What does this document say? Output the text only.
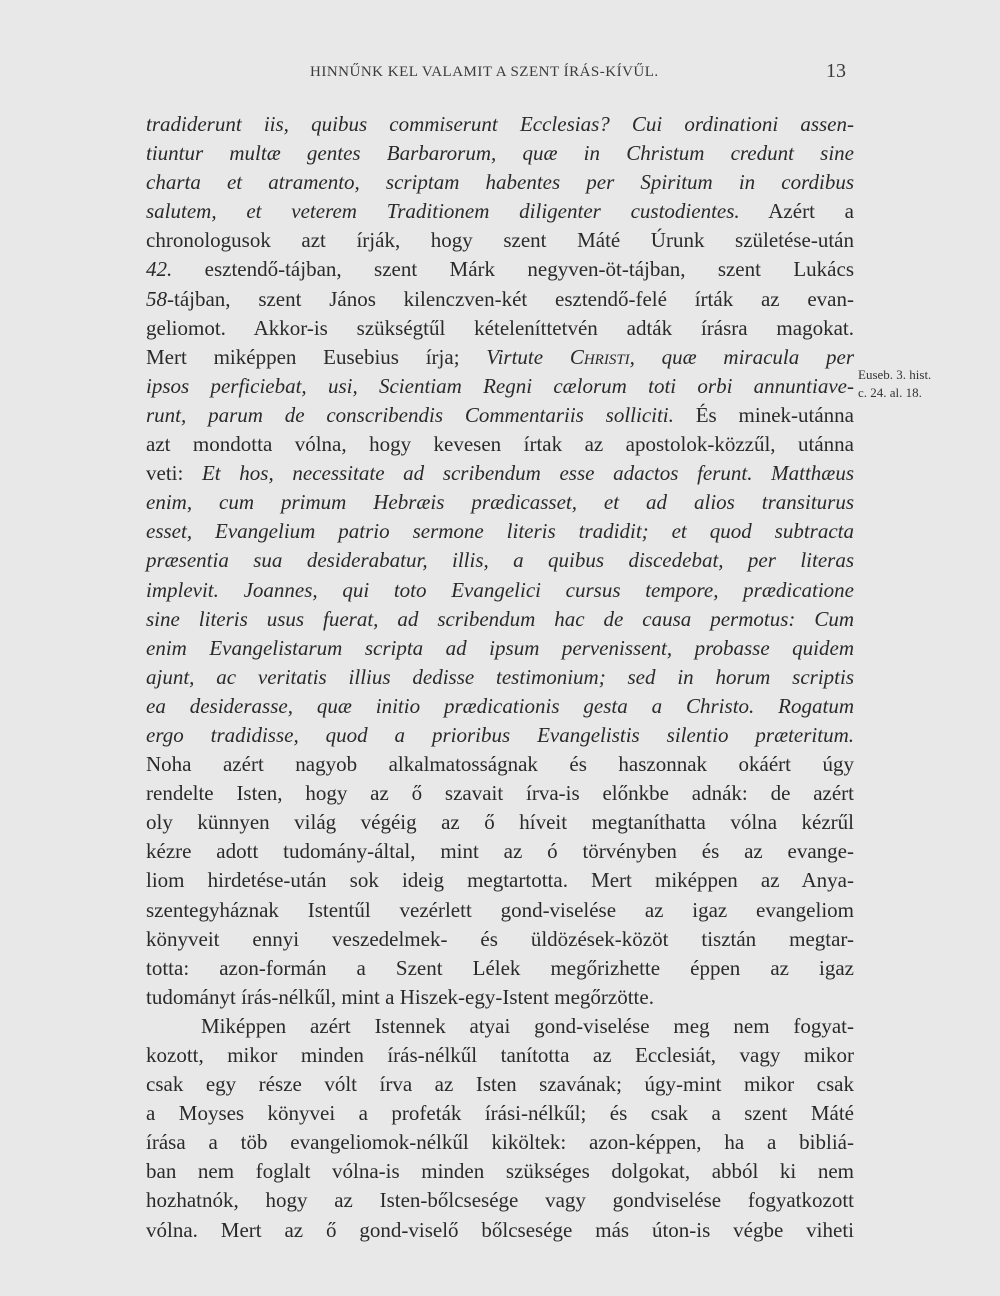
HINNŰNK KEL VALAMIT A SZENT ÍRÁS-KÍVŰL.	13
Euseb. 3. hist.
c. 24. al. 18.
tradiderunt iis, quibus commiserunt Ecclesias? Cui ordinationi assen-
tiuntur multæ gentes Barbarorum, quæ in Christum credunt sine
charta et atramento, scriptam habentes per Spiritum in cordibus
salutem, et veterem Traditionem diligenter custodientes. Azért a
chronologusok azt írják, hogy szent Máté Úrunk születése-után
42. esztendő-tájban, szent Márk negyven-öt-tájban, szent Lukács
58-tájban, szent János kilenczven-két esztendő-felé írták az evan-
geliomot. Akkor-is szükségtűl kételeníttetvén adták írásra magokat.
Mert miképpen Eusebius írja; Virtute Christi, quæ miracula per
ipsos perficiebat, usi, Scientiam Regni cælorum toti orbi annuntiave-
runt, parum de conscribendis Commentariis solliciti. És minek-utánna
azt mondotta vólna, hogy kevesen írtak az apostolok-közzűl, utánna
veti: Et hos, necessitate ad scribendum esse adactos ferunt. Matthæus
enim, cum primum Hebræis prædicasset, et ad alios transiturus
esset, Evangelium patrio sermone literis tradidit; et quod subtracta
præsentia sua desiderabatur, illis, a quibus discedebat, per literas
implevit. Joannes, qui toto Evangelici cursus tempore, prædicatione
sine literis usus fuerat, ad scribendum hac de causa permotus: Cum
enim Evangelistarum scripta ad ipsum pervenissent, probasse quidem
ajunt, ac veritatis illius dedisse testimonium; sed in horum scriptis
ea desiderasse, quæ initio prædicationis gesta a Christo. Rogatum
ergo tradidisse, quod a prioribus Evangelistis silentio præteritum.
Noha azért nagyob alkalmatosságnak és haszonnak okáért úgy
rendelte Isten, hogy az ő szavait írva-is előnkbe adnák: de azért
oly künnyen világ végéig az ő híveit megtaníthatta vólna kézrűl
kézre adott tudomány-által, mint az ó törvényben és az evange-
liom hirdetése-után sok ideig megtartotta. Mert miképpen az Anya-
szentegyháznak Istentűl vezérlett gond-viselése az igaz evangeliom
könyveit ennyi veszedelmek- és üldözések-közöt tisztán megtar-
totta: azon-formán a Szent Lélek megőrizhette éppen az igaz
tudományt írás-nélkűl, mint a Hiszek-egy-Istent megőrzötte.
Miképpen azért Istennek atyai gond-viselése meg nem fogyat-
kozott, mikor minden írás-nélkűl tanította az Ecclesiát, vagy mikor
csak egy része vólt írva az Isten szavának; úgy-mint mikor csak
a Moyses könyvei a profeták írási-nélkűl; és csak a szent Máté
írása a töb evangeliomok-nélkűl kiköltek: azon-képpen, ha a bibliá-
ban nem foglalt vólna-is minden szükséges dolgokat, abból ki nem
hozhatnók, hogy az Isten-bőlcsesége vagy gondviselése fogyatkozott
vólna. Mert az ő gond-viselő bőlcsesége más úton-is végbe viheti
